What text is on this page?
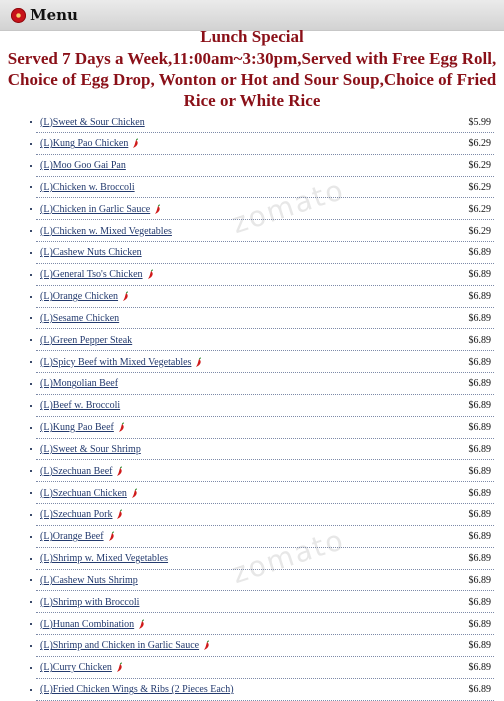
Menu
Lunch Special
Served 7 Days a Week,11:00am~3:30pm,Served with Free Egg Roll, Choice of Egg Drop, Wonton or Hot and Sour Soup,Choice of Fried Rice or White Rice
zomato
zomato
(L)Sweet & Sour Chicken	$5.99
(L)Kung Pao Chicken	$6.29
(L)Moo Goo Gai Pan	$6.29
(L)Chicken w. Broccoli	$6.29
(L)Chicken in Garlic Sauce	$6.29
(L)Chicken w. Mixed Vegetables	$6.29
(L)Cashew Nuts Chicken	$6.89
(L)General Tso's Chicken	$6.89
(L)Orange Chicken	$6.89
(L)Sesame Chicken	$6.89
(L)Green Pepper Steak	$6.89
(L)Spicy Beef with Mixed Vegetables	$6.89
(L)Mongolian Beef	$6.89
(L)Beef w. Broccoli	$6.89
(L)Kung Pao Beef	$6.89
(L)Sweet & Sour Shrimp	$6.89
(L)Szechuan Beef	$6.89
(L)Szechuan Chicken	$6.89
(L)Szechuan Pork	$6.89
(L)Orange Beef	$6.89
(L)Shrimp w. Mixed Vegetables	$6.89
(L)Cashew Nuts Shrimp	$6.89
(L)Shrimp with Broccoli	$6.89
(L)Hunan Combination	$6.89
(L)Shrimp and Chicken in Garlic Sauce	$6.89
(L)Curry Chicken	$6.89
(L)Fried Chicken Wings & Ribs (2 Pieces Each)	$6.89
